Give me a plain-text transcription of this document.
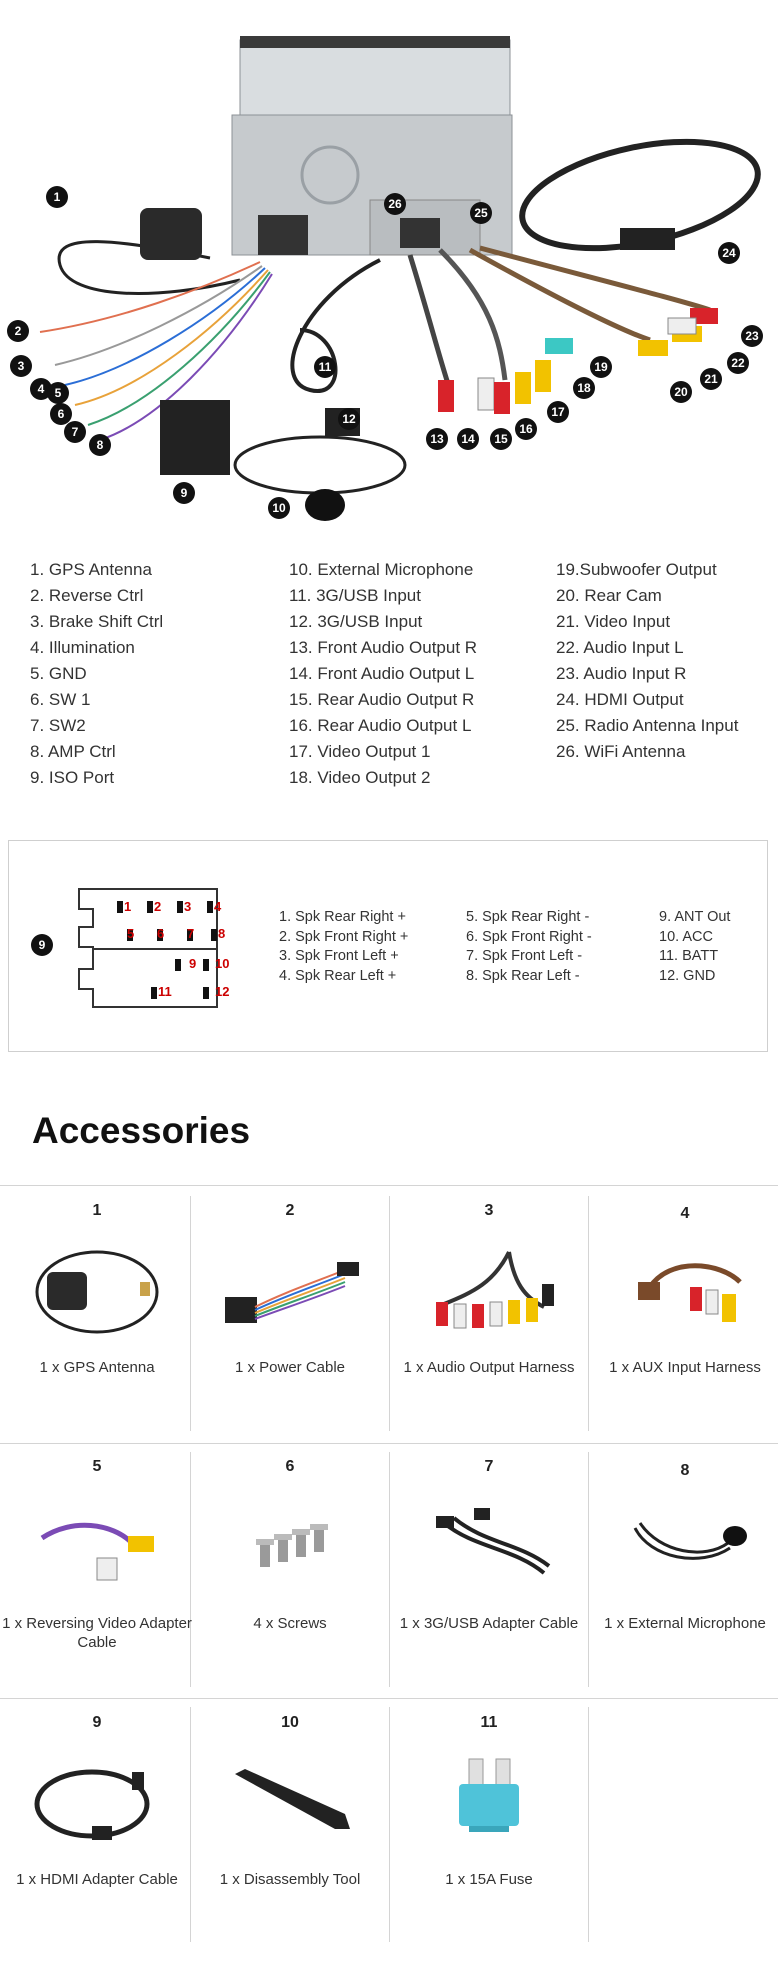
1
2
3
4 5
6
7
8
9
10
11
12
13	14	15
16
17
18
19
20
21
22
23
24
25
26
1. GPS Antenna
2. Reverse Ctrl
3. Brake Shift Ctrl
4. Illumination
5. GND
6. SW 1
7. SW2
8. AMP Ctrl
9. ISO Port
10. External Microphone
11. 3G/USB Input
12. 3G/USB Input
13. Front Audio Output R
14. Front Audio Output L
15. Rear Audio Output R
16. Rear Audio Output L
17. Video Output 1
18. Video Output 2
19.Subwoofer Output
20. Rear Cam
21. Video Input
22. Audio Input L
23. Audio Input R
24. HDMI Output
25. Radio Antenna Input
26. WiFi Antenna
9
1 2 3 4
5 6 7 8
9 10
11	12
1. Spk Rear Right +
2. Spk Front Right +
3. Spk Front Left +
4. Spk Rear Left +
5. Spk Rear Right -
6. Spk Front Right -
7. Spk Front Left -
8. Spk Rear Left -
9. ANT Out
10. ACC
11. BATT
12. GND
Accessories
1
1 x GPS Antenna
2
1 x Power Cable
3
1 x Audio Output Harness
4
1 x AUX Input Harness
5
1 x Reversing Video Adapter Cable
6
4 x Screws
7
1 x 3G/USB Adapter Cable
8
1 x External Microphone
9
1 x HDMI Adapter Cable
10
1 x Disassembly Tool
11
1 x 15A Fuse
